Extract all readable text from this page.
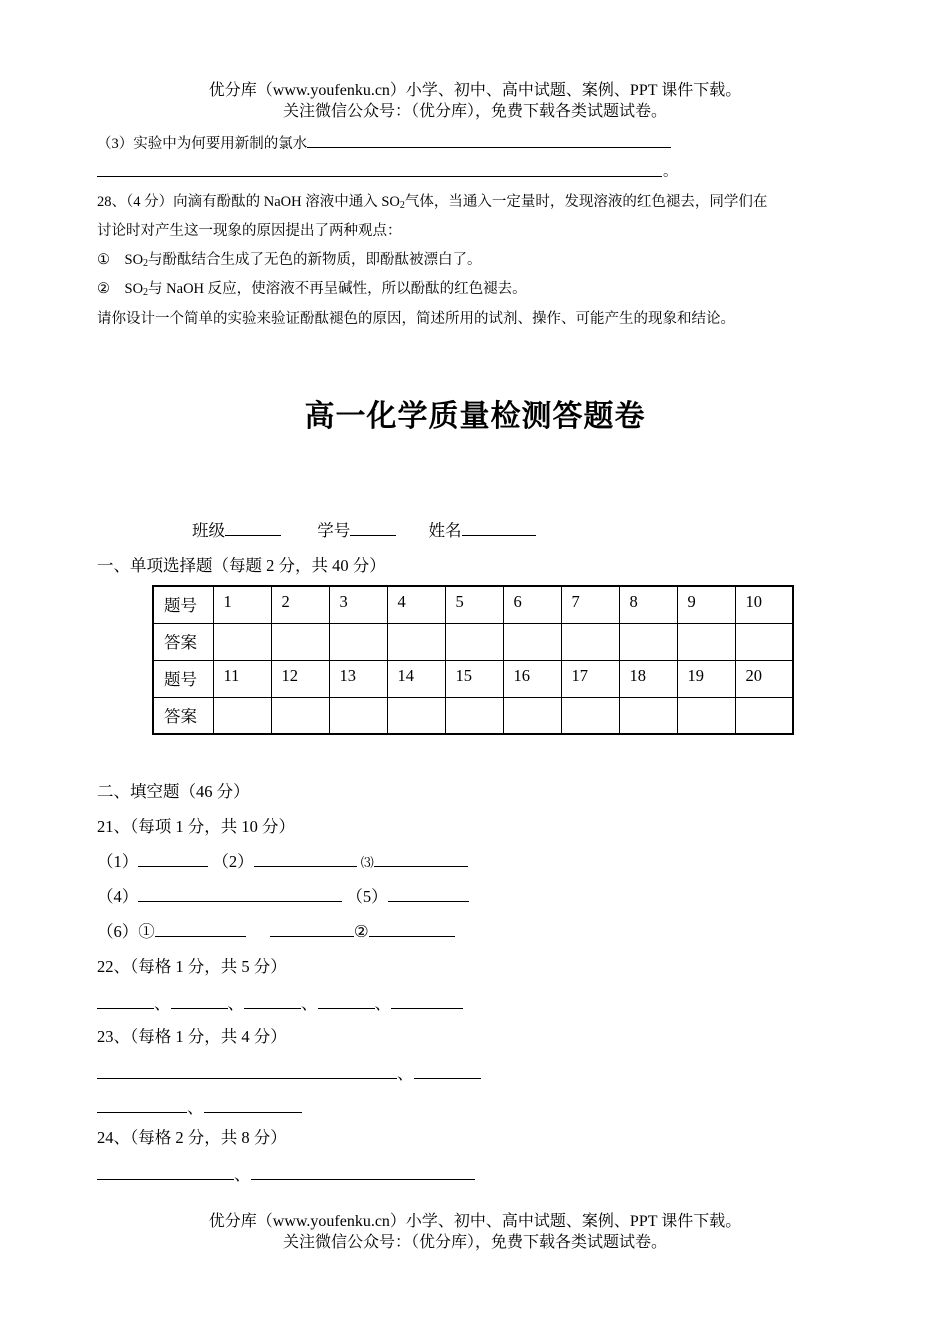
优分库（www.youfenku.cn）小学、初中、高中试题、案例、PPT 课件下载。
关注微信公众号：（优分库），免费下载各类试题试卷。
（3）实验中为何要用新制的氯水
。
28、（4 分）向滴有酚酞的 NaOH 溶液中通入 $SO_2$气体，当通入一定量时，发现溶液的红色褪去，同学们在
讨论时对产生这一现象的原因提出了两种观点：
① $SO_2$与酚酞结合生成了无色的新物质，即酚酞被漂白了。
② $SO_2$与 NaOH 反应，使溶液不再呈碱性，所以酚酞的红色褪去。
请你设计一个简单的实验来验证酚酞褪色的原因，简述所用的试剂、操作、可能产生的现象和结论。
高一化学质量检测答题卷
班级	学号	姓名
一、单项选择题（每题 2 分，共 40 分）
题号	1	2	3	4	5	6	7	8	9	10
答案										
题号	11	12	13	14	15	16	17	18	19	20
答案										
二、填空题（46 分）
21、（每项 1 分，共 10 分）
（1）	（2）	⑶
（4）	（5）
（6）①	②
22、（每格 1 分，共 5 分）
、	、	、	、
23、（每格 1 分，共 4 分）
、
、
24、（每格 2 分，共 8 分）
、
优分库（www.youfenku.cn）小学、初中、高中试题、案例、PPT 课件下载。
关注微信公众号：（优分库），免费下载各类试题试卷。
